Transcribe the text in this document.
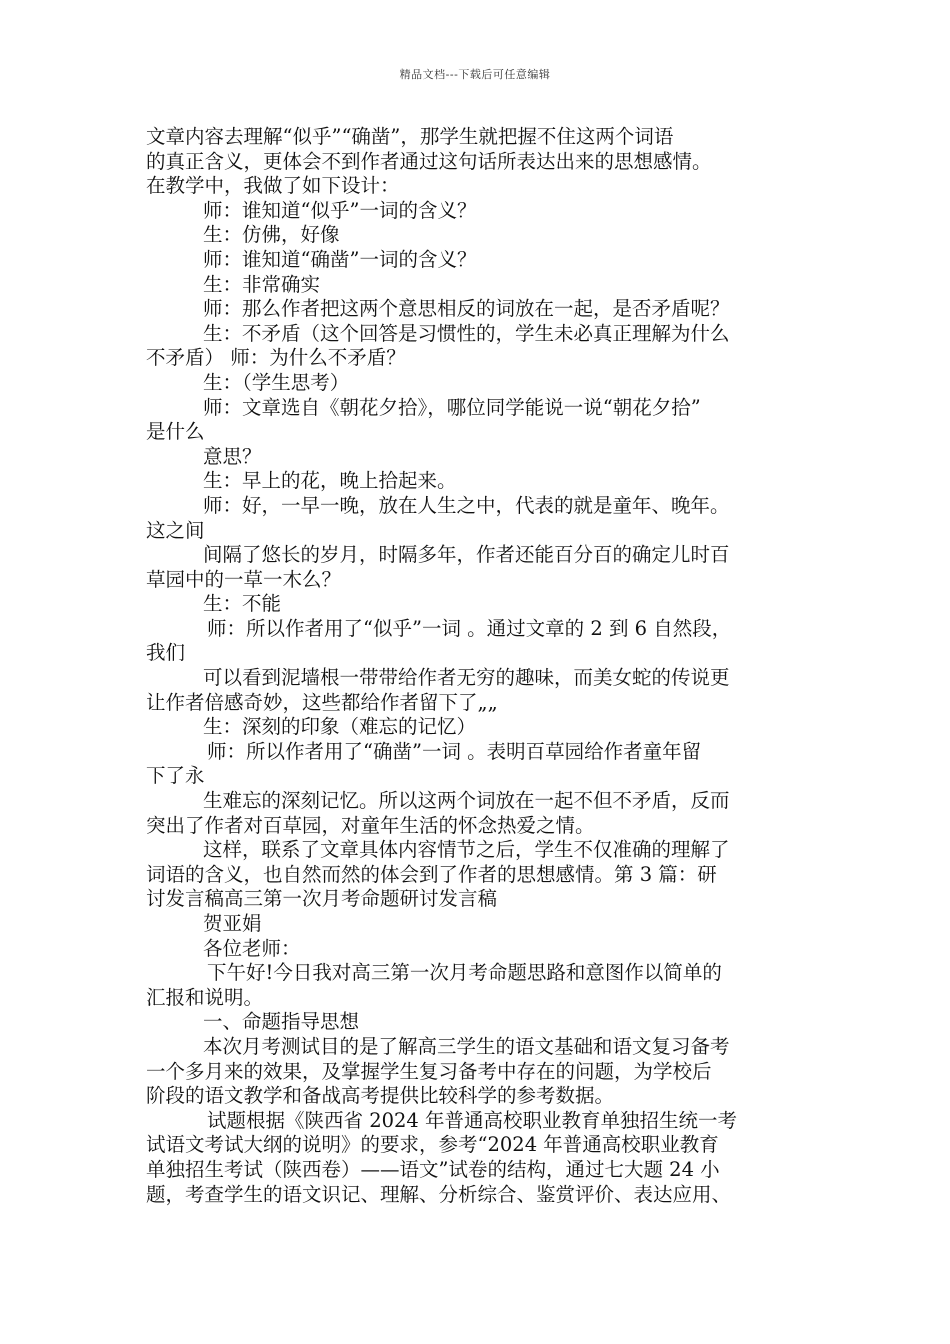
精品文档---下载后可任意编辑
文章内容去理解“似乎”“确凿”，那学生就把握不住这两个词语
的真正含义，更体会不到作者通过这句话所表达出来的思想感情。
在教学中，我做了如下设计：
师：谁知道“似乎”一词的含义？
生：仿佛，好像
师：谁知道“确凿”一词的含义？
生：非常确实
师：那么作者把这两个意思相反的词放在一起，是否矛盾呢？
生：不矛盾（这个回答是习惯性的，学生未必真正理解为什么
不矛盾） 师：为什么不矛盾？
生：（学生思考）
师：文章选自《朝花夕拾》，哪位同学能说一说“朝花夕拾”
是什么
意思？
生：早上的花，晚上拾起来。
师：好，一早一晚，放在人生之中，代表的就是童年、晚年。
这之间
间隔了悠长的岁月，时隔多年，作者还能百分百的确定儿时百
草园中的一草一木么？
生：不能
师：所以作者用了“似乎”一词 。通过文章的 2 到 6 自然段，
我们
可以看到泥墙根一带带给作者无穷的趣味，而美女蛇的传说更
让作者倍感奇妙，这些都给作者留下了„„
生：深刻的印象（难忘的记忆）
师：所以作者用了“确凿”一词 。表明百草园给作者童年留
下了永
生难忘的深刻记忆。所以这两个词放在一起不但不矛盾，反而
突出了作者对百草园，对童年生活的怀念热爱之情。
这样，联系了文章具体内容情节之后，学生不仅准确的理解了
词语的含义，也自然而然的体会到了作者的思想感情。第 3 篇：研
讨发言稿高三第一次月考命题研讨发言稿
贺亚娟
各位老师：
下午好!今日我对高三第一次月考命题思路和意图作以简单的
汇报和说明。
一、命题指导思想
本次月考测试目的是了解高三学生的语文基础和语文复习备考
一个多月来的效果，及掌握学生复习备考中存在的问题，为学校后
阶段的语文教学和备战高考提供比较科学的参考数据。
试题根据《陕西省 2024 年普通高校职业教育单独招生统一考
试语文考试大纲的说明》的要求，参考“2024 年普通高校职业教育
单独招生考试（陕西卷）——语文”试卷的结构，通过七大题 24 小
题，考查学生的语文识记、理解、分析综合、鉴赏评价、表达应用、
